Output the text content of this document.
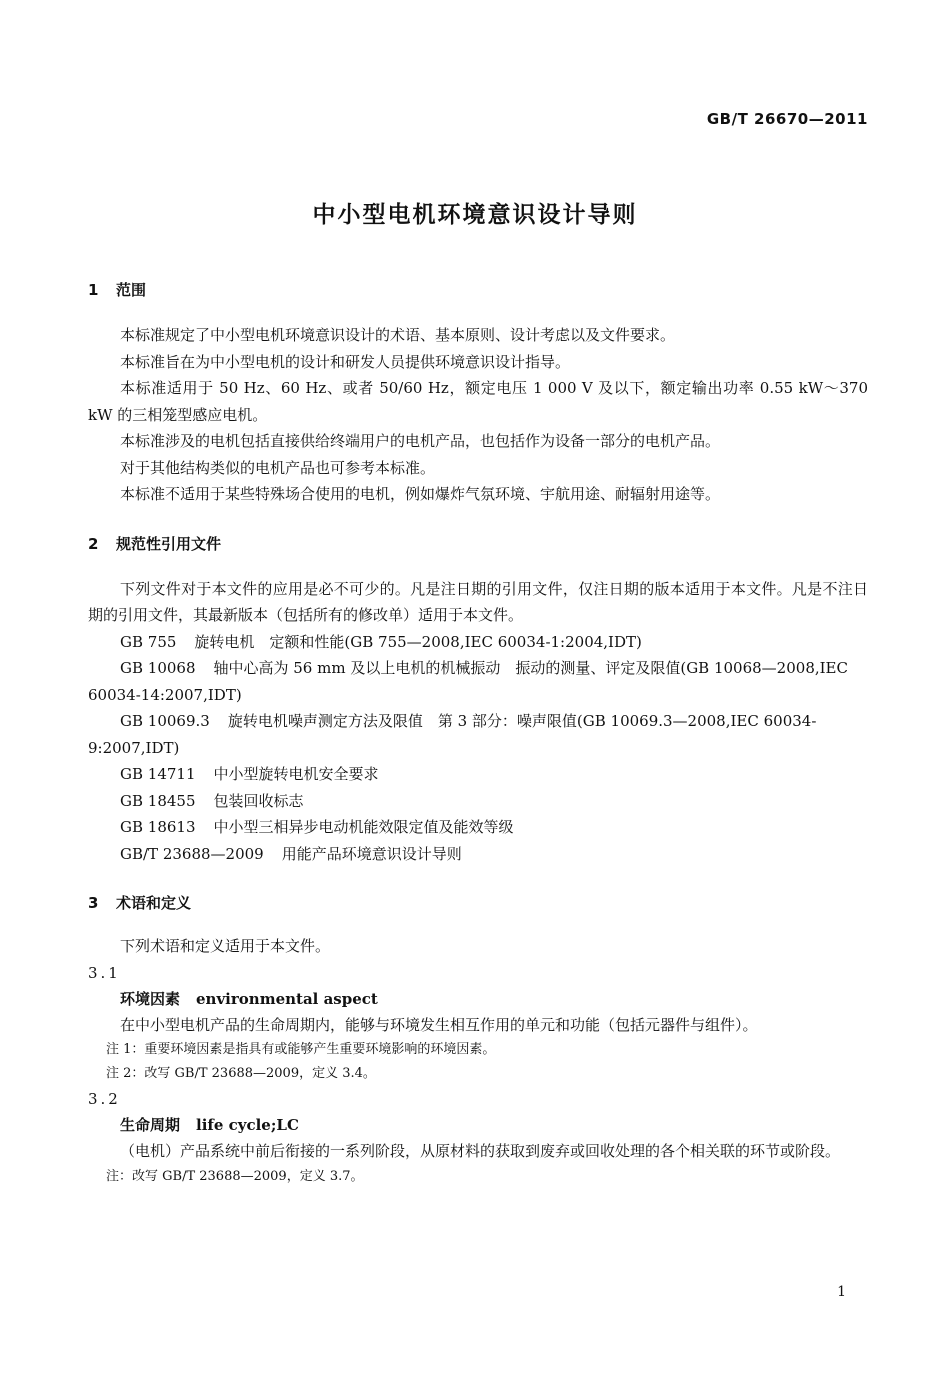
GB/T 26670—2011
中小型电机环境意识设计导则

1 范围

本标准规定了中小型电机环境意识设计的术语、基本原则、设计考虑以及文件要求。

本标准旨在为中小型电机的设计和研发人员提供环境意识设计指导。

本标准适用于 50 Hz、60 Hz、或者 50/60 Hz，额定电压 1 000 V 及以下，额定输出功率 0.55 kW～370 kW 的三相笼型感应电机。

本标准涉及的电机包括直接供给终端用户的电机产品，也包括作为设备一部分的电机产品。

对于其他结构类似的电机产品也可参考本标准。

本标准不适用于某些特殊场合使用的电机，例如爆炸气氛环境、宇航用途、耐辐射用途等。

2 规范性引用文件

下列文件对于本文件的应用是必不可少的。凡是注日期的引用文件，仅注日期的版本适用于本文件。凡是不注日期的引用文件，其最新版本（包括所有的修改单）适用于本文件。

GB 755 旋转电机　定额和性能(GB 755—2008,IEC 60034-1:2004,IDT)

GB 10068 轴中心高为 56 mm 及以上电机的机械振动　振动的测量、评定及限值(GB 10068—2008,IEC 60034-14:2007,IDT)

GB 10069.3 旋转电机噪声测定方法及限值　第 3 部分：噪声限值(GB 10069.3—2008,IEC 60034-9:2007,IDT)

GB 14711 中小型旋转电机安全要求

GB 18455 包装回收标志

GB 18613 中小型三相异步电动机能效限定值及能效等级

GB/T 23688—2009 用能产品环境意识设计导则

3 术语和定义

下列术语和定义适用于本文件。

3.1

环境因素 environmental aspect

在中小型电机产品的生命周期内，能够与环境发生相互作用的单元和功能（包括元器件与组件）。

注 1：重要环境因素是指具有或能够产生重要环境影响的环境因素。

注 2：改写 GB/T 23688—2009，定义 3.4。

3.2

生命周期 life cycle;LC

（电机）产品系统中前后衔接的一系列阶段，从原材料的获取到废弃或回收处理的各个相关联的环节或阶段。

注：改写 GB/T 23688—2009，定义 3.7。

1
